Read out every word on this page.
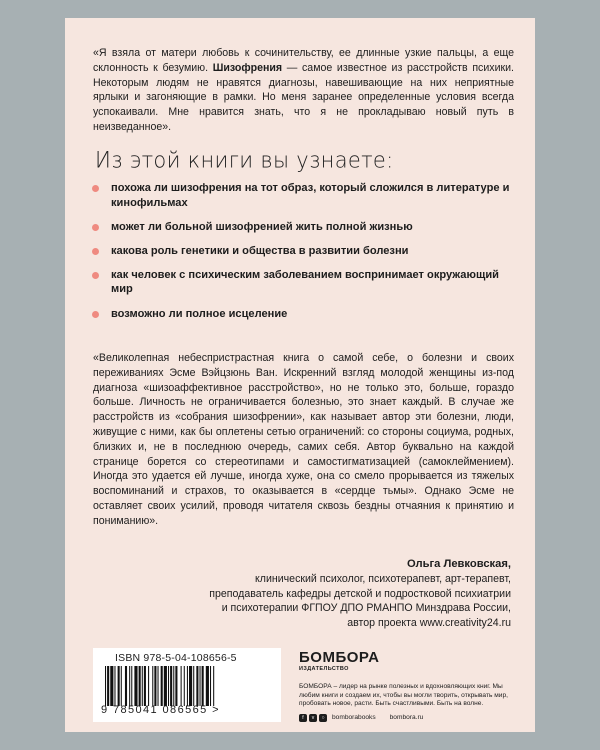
«Я взяла от матери любовь к сочинительству, ее длинные узкие пальцы, а еще склонность к безумию. Шизофрения — самое известное из расстройств психики. Некоторым людям не нравятся диагнозы, навешивающие на них неприятные ярлыки и загоняющие в рамки. Но меня заранее определенные условия всегда успокаивали. Мне нравится знать, что я не прокладываю новый путь в неизведанное».

Из этой книги вы узнаете:
похожа ли шизофрения на тот образ, который сложился в литературе и кинофильмах
может ли больной шизофренией жить полной жизнью
какова роль генетики и общества в развитии болезни
как человек с психическим заболеванием воспринимает окружающий мир
возможно ли полное исцеление

«Великолепная небеспристрастная книга о самой себе, о болезни и своих переживаниях Эсме Вэйцзюнь Ван. Искренний взгляд молодой женщины из-под диагноза «шизоаффективное расстройство», но не только это, больше, гораздо больше. Личность не ограничивается болезнью, это знает каждый. В случае же расстройств из «собрания шизофрении», как называет автор эти болезни, люди, живущие с ними, как бы оплетены сетью ограничений: со стороны социума, родных, близких и, не в последнюю очередь, самих себя. Автор буквально на каждой странице борется со стереотипами и самостигматизацией (самоклеймением). Иногда это удается ей лучше, иногда хуже, она со смело прорывается из тяжелых воспоминаний и страхов, то оказывается в «сердце тьмы». Однако Эсме не оставляет своих усилий, проводя читателя сквозь бездны отчаяния к принятию и пониманию».

Ольга Левковская,
клинический психолог, психотерапевт, арт-терапевт,
преподаватель кафедры детской и подростковой психиатрии
и психотерапии ФГПОУ ДПО РМАНПО Минздрава России,
автор проекта www.creativity24.ru
ISBN 978-5-04-108656-5
9 785041 086565 >
БОМБОРА
ИЗДАТЕЛЬСТВО
БОМБОРА – лидер на рынке полезных и вдохновляющих книг. Мы любим книги и создаем их, чтобы вы могли творить, открывать мир, пробовать новое, расти. Быть счастливыми. Быть на волне.
f	v	○	bomborabooks bombora.ru
